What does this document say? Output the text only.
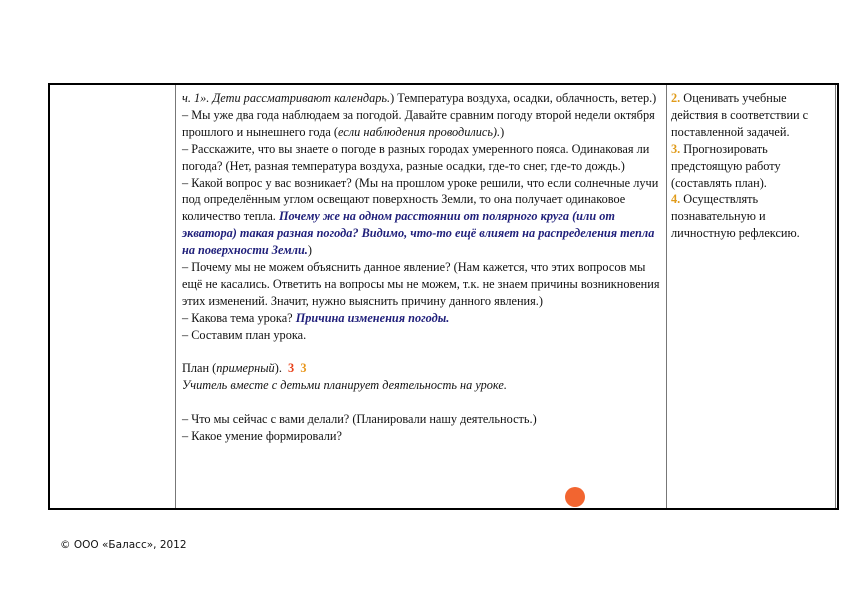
ч. 1». Дети рассматривают календарь.) Температура воздуха, осадки, облачность, ветер.)

– Мы уже два года наблюдаем за погодой. Давайте сравним погоду второй недели октября прошлого и нынешнего года (если наблюдения проводились).)

– Расскажите, что вы знаете о погоде в разных городах умеренного пояса. Одинаковая ли погода? (Нет, разная температура воздуха, разные осадки, где-то снег, где-то дождь.)

– Какой вопрос у вас возникает? (Мы на прошлом уроке решили, что если солнечные лучи под определённым углом освещают поверхность Земли, то она получает одинаковое количество тепла. Почему же на одном расстоянии от полярного круга (или от экватора) такая разная погода? Видимо, что-то ещё влияет на распределения тепла на поверхности Земли.)

– Почему мы не можем объяснить данное явление? (Нам кажется, что этих вопросов мы ещё не касались. Ответить на вопросы мы не можем, т.к. не знаем причины возникновения этих изменений. Значит, нужно выяснить причину данного явления.)

– Какова тема урока? Причина изменения погоды.

– Составим план урока.

План (примерный).  3 3

Учитель вместе с детьми планирует деятельность на уроке.

– Что мы сейчас с вами делали? (Планировали нашу деятельность.)

– Какое умение формировали?

2. Оценивать учебные действия в соответствии с поставленной задачей.

3. Прогнозировать предстоящую работу (составлять план).

4. Осуществлять познавательную и личностную рефлексию.

© ООО «Баласс», 2012
